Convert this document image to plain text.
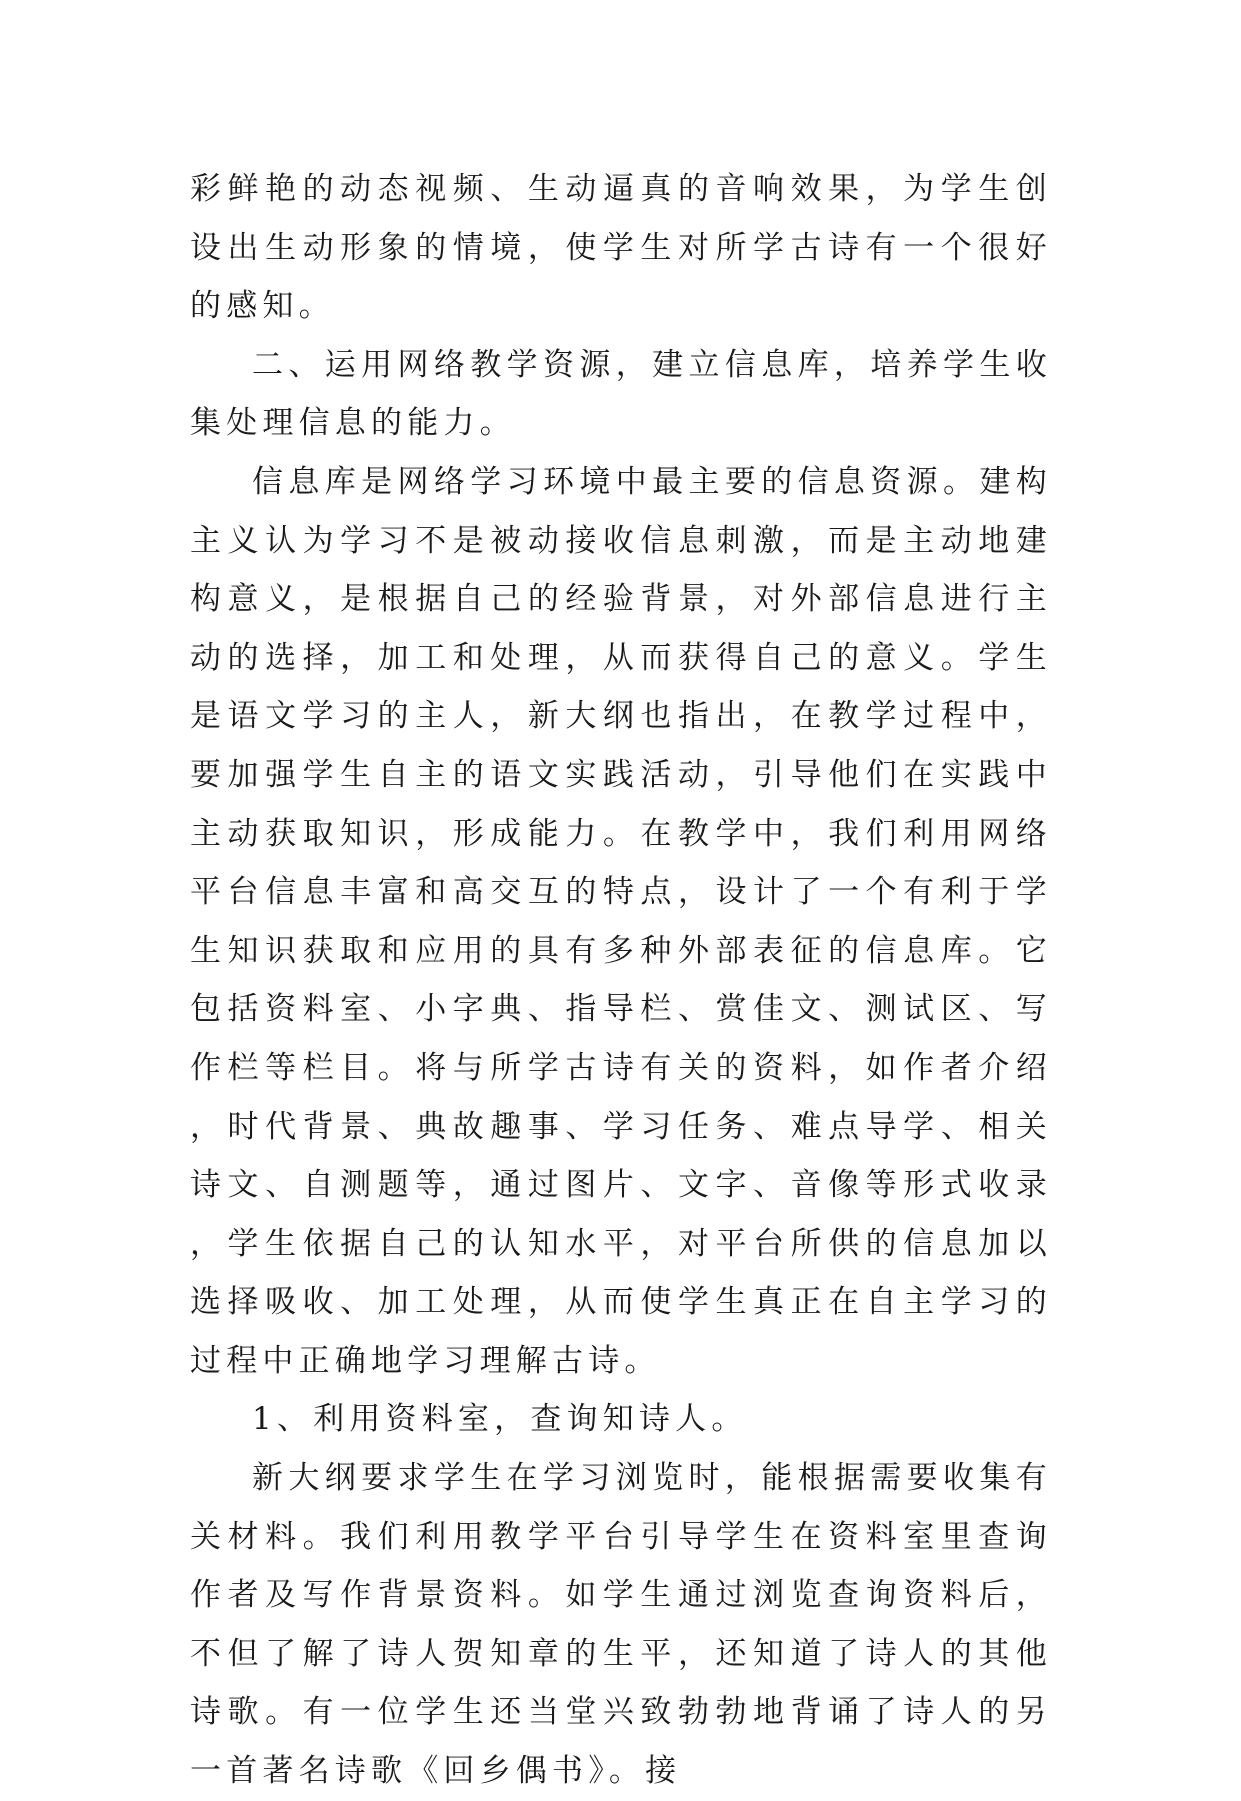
彩鲜艳的动态视频、生动逼真的音响效果，为学生创设出生动形象的情境，使学生对所学古诗有一个很好的感知。

二、运用网络教学资源，建立信息库，培养学生收集处理信息的能力。

信息库是网络学习环境中最主要的信息资源。建构主义认为学习不是被动接收信息刺激，而是主动地建构意义，是根据自己的经验背景，对外部信息进行主动的选择，加工和处理，从而获得自己的意义。学生是语文学习的主人，新大纲也指出，在教学过程中，要加强学生自主的语文实践活动，引导他们在实践中主动获取知识，形成能力。在教学中，我们利用网络平台信息丰富和高交互的特点，设计了一个有利于学生知识获取和应用的具有多种外部表征的信息库。它包括资料室、小字典、指导栏、赏佳文、测试区、写作栏等栏目。将与所学古诗有关的资料，如作者介绍，时代背景、典故趣事、学习任务、难点导学、相关诗文、自测题等，通过图片、文字、音像等形式收录，学生依据自己的认知水平，对平台所供的信息加以选择吸收、加工处理，从而使学生真正在自主学习的过程中正确地学习理解古诗。

1、利用资料室，查询知诗人。

新大纲要求学生在学习浏览时，能根据需要收集有关材料。我们利用教学平台引导学生在资料室里查询作者及写作背景资料。如学生通过浏览查询资料后，不但了解了诗人贺知章的生平，还知道了诗人的其他诗歌。有一位学生还当堂兴致勃勃地背诵了诗人的另一首著名诗歌《回乡偶书》。接
